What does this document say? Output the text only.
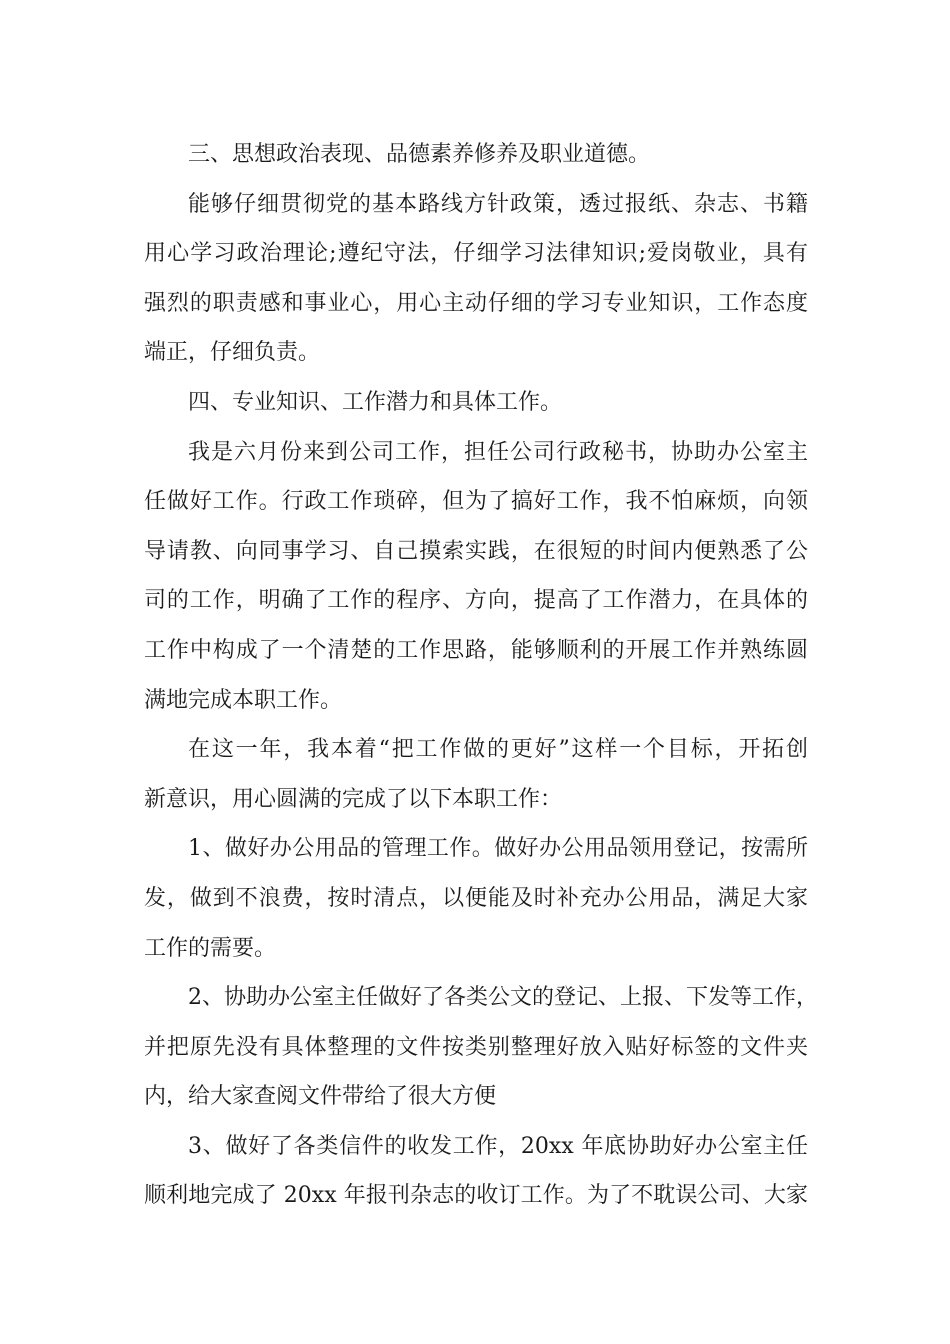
三、思想政治表现、品德素养修养及职业道德。
能够仔细贯彻党的基本路线方针政策，透过报纸、杂志、书籍
用心学习政治理论;遵纪守法，仔细学习法律知识;爱岗敬业，具有
强烈的职责感和事业心，用心主动仔细的学习专业知识，工作态度
端正，仔细负责。
四、专业知识、工作潜力和具体工作。
我是六月份来到公司工作，担任公司行政秘书，协助办公室主
任做好工作。行政工作琐碎，但为了搞好工作，我不怕麻烦，向领
导请教、向同事学习、自己摸索实践，在很短的时间内便熟悉了公
司的工作，明确了工作的程序、方向，提高了工作潜力，在具体的
工作中构成了一个清楚的工作思路，能够顺利的开展工作并熟练圆
满地完成本职工作。
在这一年，我本着“把工作做的更好”这样一个目标，开拓创
新意识，用心圆满的完成了以下本职工作：
1、做好办公用品的管理工作。做好办公用品领用登记，按需所
发，做到不浪费，按时清点，以便能及时补充办公用品，满足大家
工作的需要。
2、协助办公室主任做好了各类公文的登记、上报、下发等工作，
并把原先没有具体整理的文件按类别整理好放入贴好标签的文件夹
内，给大家查阅文件带给了很大方便
3、做好了各类信件的收发工作，20xx 年底协助好办公室主任
顺利地完成了 20xx 年报刊杂志的收订工作。为了不耽误公司、大家
